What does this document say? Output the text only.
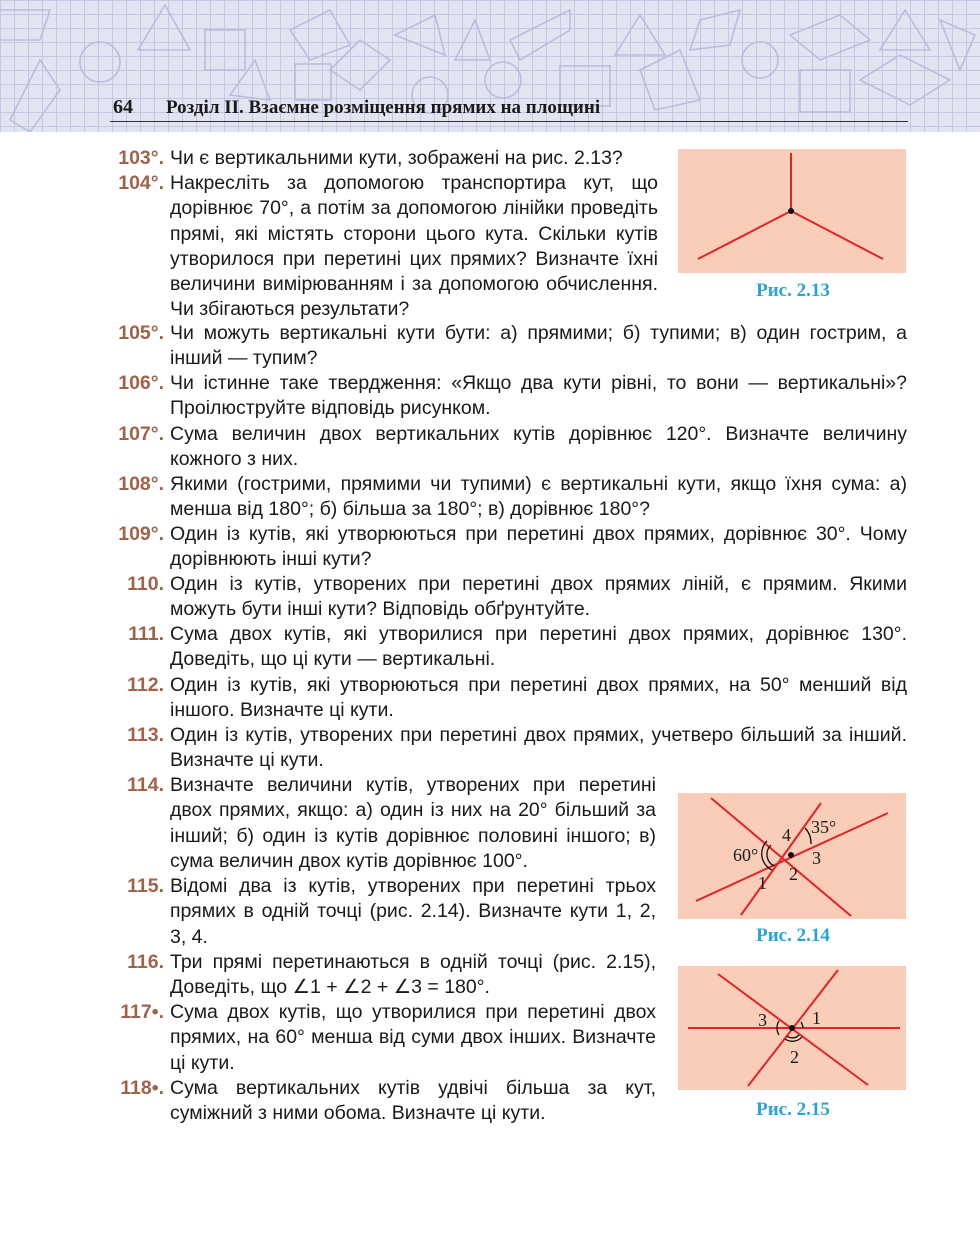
64 Розділ ІІ. Взаємне розміщення прямих на площині
103°. Чи є вертикальними кути, зображені на рис. 2.13?
104°. Накресліть за допомогою транспортира кут, що дорівнює 70°, а потім за допомогою лінійки проведіть прямі, які містять сторони цього кута. Скільки кутів утворилося при перетині цих прямих? Визначте їхні величини вимірюванням і за допомогою обчислення. Чи збігаються результати?
105°. Чи можуть вертикальні кути бути: а) прямими; б) тупими; в) один гострим, а інший — тупим?
106°. Чи істинне таке твердження: «Якщо два кути рівні, то вони — вертикальні»? Проілюструйте відповідь рисунком.
107°. Сума величин двох вертикальних кутів дорівнює 120°. Визначте величину кожного з них.
108°. Якими (гострими, прямими чи тупими) є вертикальні кути, якщо їхня сума: а) менша від 180°; б) більша за 180°; в) дорівнює 180°?
109°. Один із кутів, які утворюються при перетині двох прямих, дорівнює 30°. Чому дорівнюють інші кути?
110. Один із кутів, утворених при перетині двох прямих ліній, є прямим. Якими можуть бути інші кути? Відповідь обґрунтуйте.
111. Сума двох кутів, які утворилися при перетині двох прямих, дорівнює 130°. Доведіть, що ці кути — вертикальні.
112. Один із кутів, які утворюються при перетині двох прямих, на 50° менший від іншого. Визначте ці кути.
113. Один із кутів, утворених при перетині двох прямих, учетверо більший за інший. Визначте ці кути.
114. Визначте величини кутів, утворених при перетині двох прямих, якщо: а) один із них на 20° більший за інший; б) один із кутів дорівнює половині іншого; в) сума величин двох кутів дорівнює 100°.
115. Відомі два із кутів, утворених при перетині трьох прямих в одній точці (рис. 2.14). Визначте кути 1, 2, 3, 4.
116. Три прямі перетинаються в одній точці (рис. 2.15), Доведіть, що ∠1 + ∠2 + ∠3 = 180°.
117•. Сума двох кутів, що утворилися при перетині двох прямих, на 60° менша від суми двох інших. Визначте ці кути.
118•. Сума вертикальних кутів удвічі більша за кут, суміжний з ними обома. Визначте ці кути.
Рис. 2.13
35°
60°
4
3
2
1
Рис. 2.14
3	1
2
Рис. 2.15
